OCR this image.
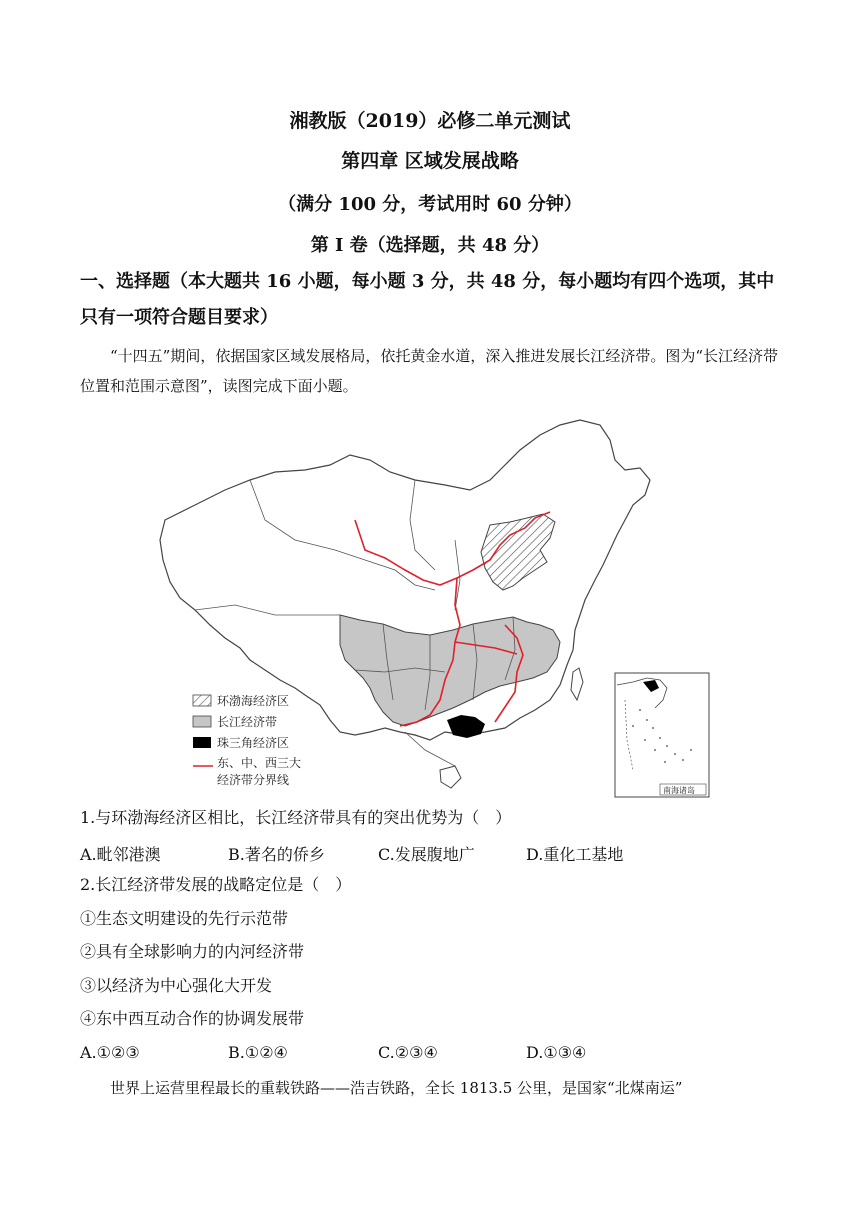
湘教版（2019）必修二单元测试
第四章 区域发展战略
（满分 100 分，考试用时 60 分钟）
第 I 卷（选择题，共 48 分）
一、选择题（本大题共 16 小题，每小题 3 分，共 48 分，每小题均有四个选项，其中只有一项符合题目要求）
“十四五”期间，依据国家区域发展格局，依托黄金水道，深入推进发展长江经济带。图为“长江经济带位置和范围示意图”，读图完成下面小题。
环渤海经济区
长江经济带
珠三角经济区
东、中、西三大
经济带分界线
南海诸岛
1.与环渤海经济区相比，长江经济带具有的突出优势为（　）
A.毗邻港澳	B.著名的侨乡	C.发展腹地广	D.重化工基地
2.长江经济带发展的战略定位是（　）
①生态文明建设的先行示范带
②具有全球影响力的内河经济带
③以经济为中心强化大开发
④东中西互动合作的协调发展带
A.①②③	B.①②④	C.②③④	D.①③④
世界上运营里程最长的重载铁路——浩吉铁路，全长 1813.5 公里，是国家“北煤南运”
